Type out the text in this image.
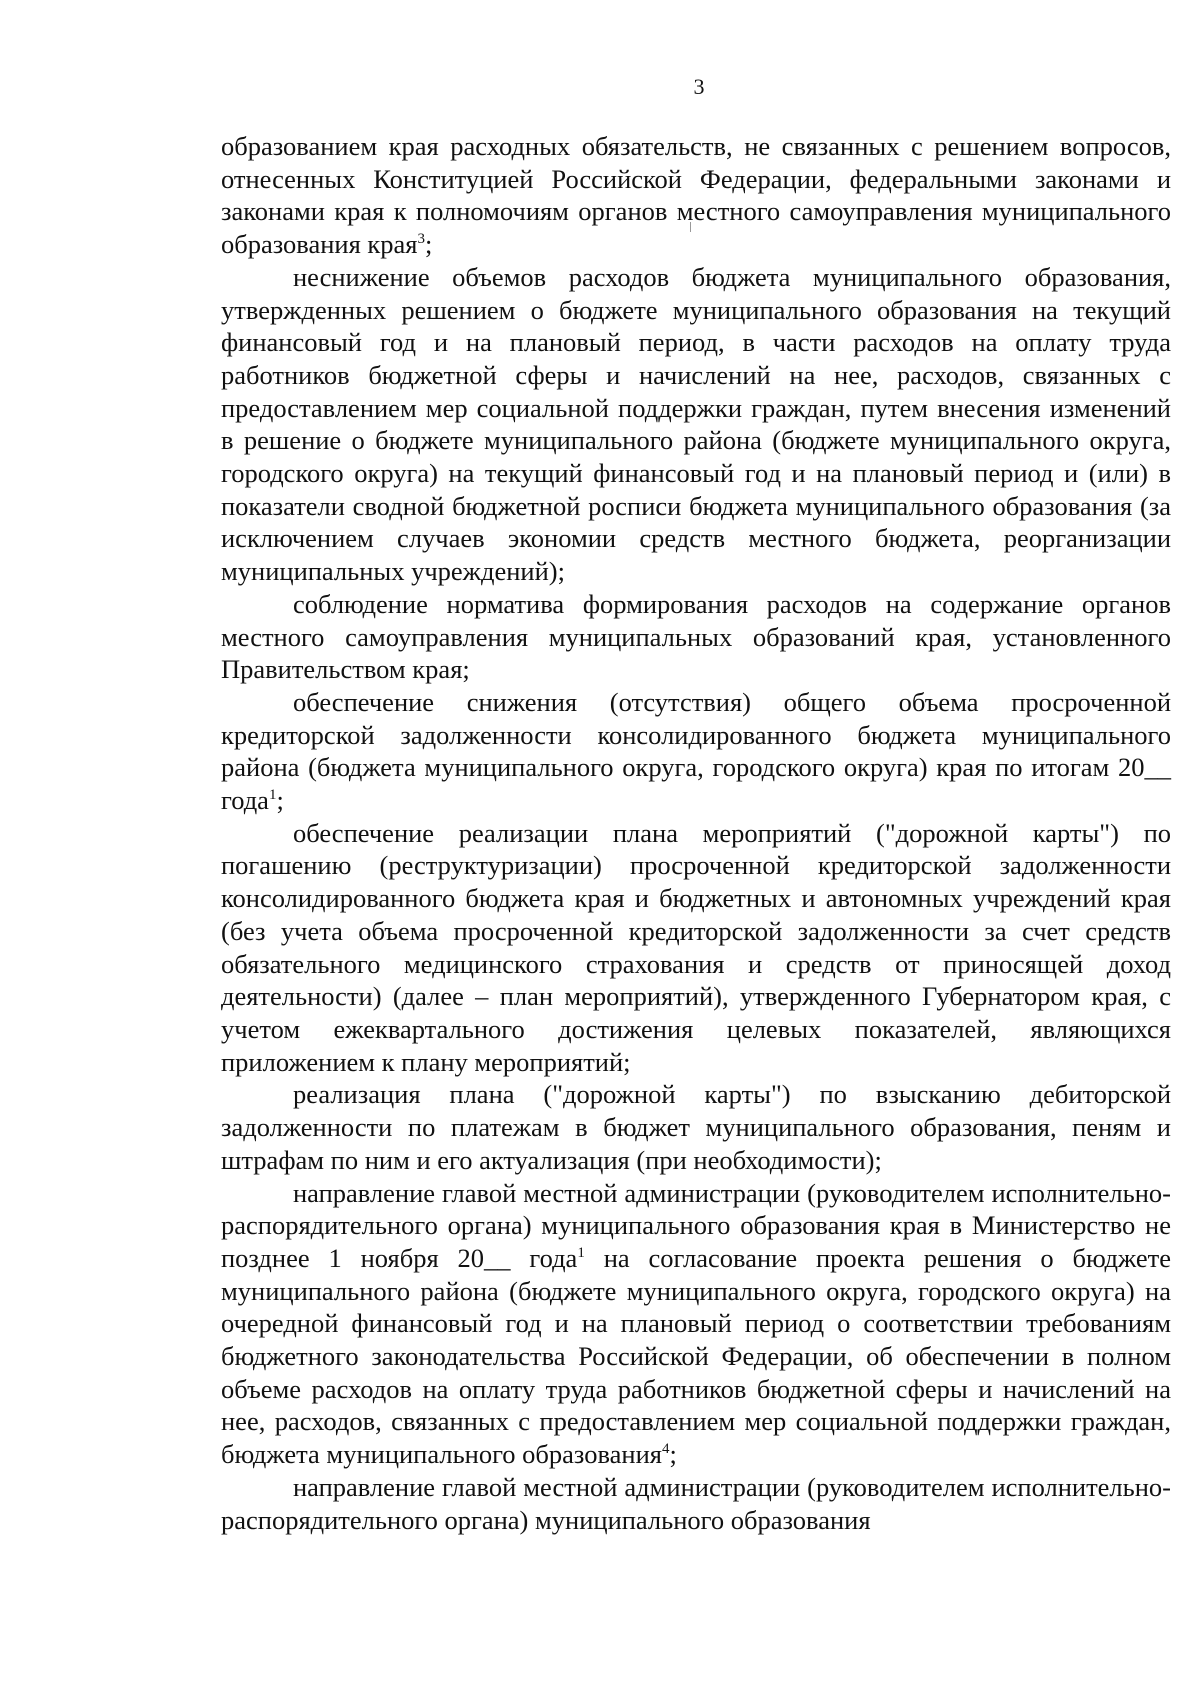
3

образованием края расходных обязательств, не связанных с решением вопросов, отнесенных Конституцией Российской Федерации, федеральными законами и законами края к полномочиям органов местного самоуправления муниципального образования края$^3$;

неснижение объемов расходов бюджета муниципального образования, утвержденных решением о бюджете муниципального образования на текущий финансовый год и на плановый период, в части расходов на оплату труда работников бюджетной сферы и начислений на нее, расходов, связанных с предоставлением мер социальной поддержки граждан, путем внесения изменений в решение о бюджете муниципального района (бюджете муниципального округа, городского округа) на текущий финансовый год и на плановый период и (или) в показатели сводной бюджетной росписи бюджета муниципального образования (за исключением случаев экономии средств местного бюджета, реорганизации муниципальных учреждений);

соблюдение норматива формирования расходов на содержание органов местного самоуправления муниципальных образований края, установленного Правительством края;

обеспечение снижения (отсутствия) общего объема просроченной кредиторской задолженности консолидированного бюджета муниципального района (бюджета муниципального округа, городского округа) края по итогам 20__ года$^1$;

обеспечение реализации плана мероприятий ("дорожной карты") по погашению (реструктуризации) просроченной кредиторской задолженности консолидированного бюджета края и бюджетных и автономных учреждений края (без учета объема просроченной кредиторской задолженности за счет средств обязательного медицинского страхования и средств от приносящей доход деятельности) (далее – план мероприятий), утвержденного Губернатором края, с учетом ежеквартального достижения целевых показателей, являющихся приложением к плану мероприятий;

реализация плана ("дорожной карты") по взысканию дебиторской задолженности по платежам в бюджет муниципального образования, пеням и штрафам по ним и его актуализация (при необходимости);

направление главой местной администрации (руководителем исполнительно-распорядительного органа) муниципального образования края в Министерство не позднее 1 ноября 20__ года$^1$ на согласование проекта решения о бюджете муниципального района (бюджете муниципального округа, городского округа) на очередной финансовый год и на плановый период о соответствии требованиям бюджетного законодательства Российской Федерации, об обеспечении в полном объеме расходов на оплату труда работников бюджетной сферы и начислений на нее, расходов, связанных с предоставлением мер социальной поддержки граждан, бюджета муниципального образования$^4$;

направление главой местной администрации (руководителем исполнительно-распорядительного органа) муниципального образования
